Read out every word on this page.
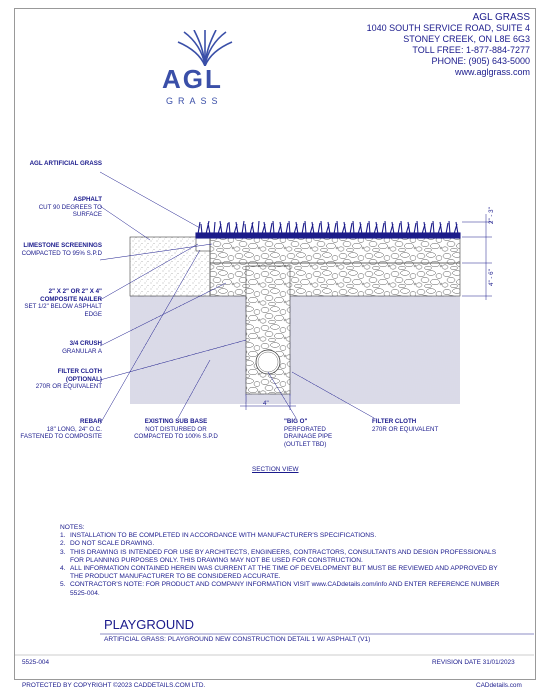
AGL
GRASS
AGL GRASS
1040 SOUTH SERVICE ROAD, SUITE 4
STONEY CREEK, ON L8E 6G3
TOLL FREE: 1-877-884-7277
PHONE: (905) 643-5000
www.aglgrass.com
2" - 3"
4" - 6"
4"
AGL ARTIFICIAL GRASS
ASPHALT
CUT 90 DEGREES TO SURFACE
LIMESTONE SCREENINGS
COMPACTED TO 95% S.P.D
2" X 2" OR 2" X 4" COMPOSITE NAILER
SET 1/2" BELOW ASPHALT EDGE
3/4 CRUSH
GRANULAR A
FILTER CLOTH (OPTIONAL)
270R OR EQUIVALENT
REBAR
18" LONG, 24" O.C. FASTENED TO COMPOSITE
EXISTING SUB BASE
NOT DISTURBED OR COMPACTED TO 100% S.P.D
"BIG O"
PERFORATED DRAINAGE PIPE (OUTLET TBD)
FILTER CLOTH
270R OR EQUIVALENT
SECTION VIEW
NOTES:
1. INSTALLATION TO BE COMPLETED IN ACCORDANCE WITH MANUFACTURER'S SPECIFICATIONS.
2. DO NOT SCALE DRAWING.
3. THIS DRAWING IS INTENDED FOR USE BY ARCHITECTS, ENGINEERS, CONTRACTORS, CONSULTANTS AND DESIGN PROFESSIONALS FOR PLANNING PURPOSES ONLY. THIS DRAWING MAY NOT BE USED FOR CONSTRUCTION.
4. ALL INFORMATION CONTAINED HEREIN WAS CURRENT AT THE TIME OF DEVELOPMENT BUT MUST BE REVIEWED AND APPROVED BY THE PRODUCT MANUFACTURER TO BE CONSIDERED ACCURATE.
5. CONTRACTOR'S NOTE: FOR PRODUCT AND COMPANY INFORMATION VISIT www.CADdetails.com/info AND ENTER REFERENCE NUMBER 5525-004.
PLAYGROUND
ARTIFICIAL GRASS: PLAYGROUND NEW CONSTRUCTION DETAIL 1 W/ ASPHALT (V1)
5525-004	REVISION DATE 31/01/2023
PROTECTED BY COPYRIGHT ©2023 CADDETAILS.COM LTD.	CADdetails.com
